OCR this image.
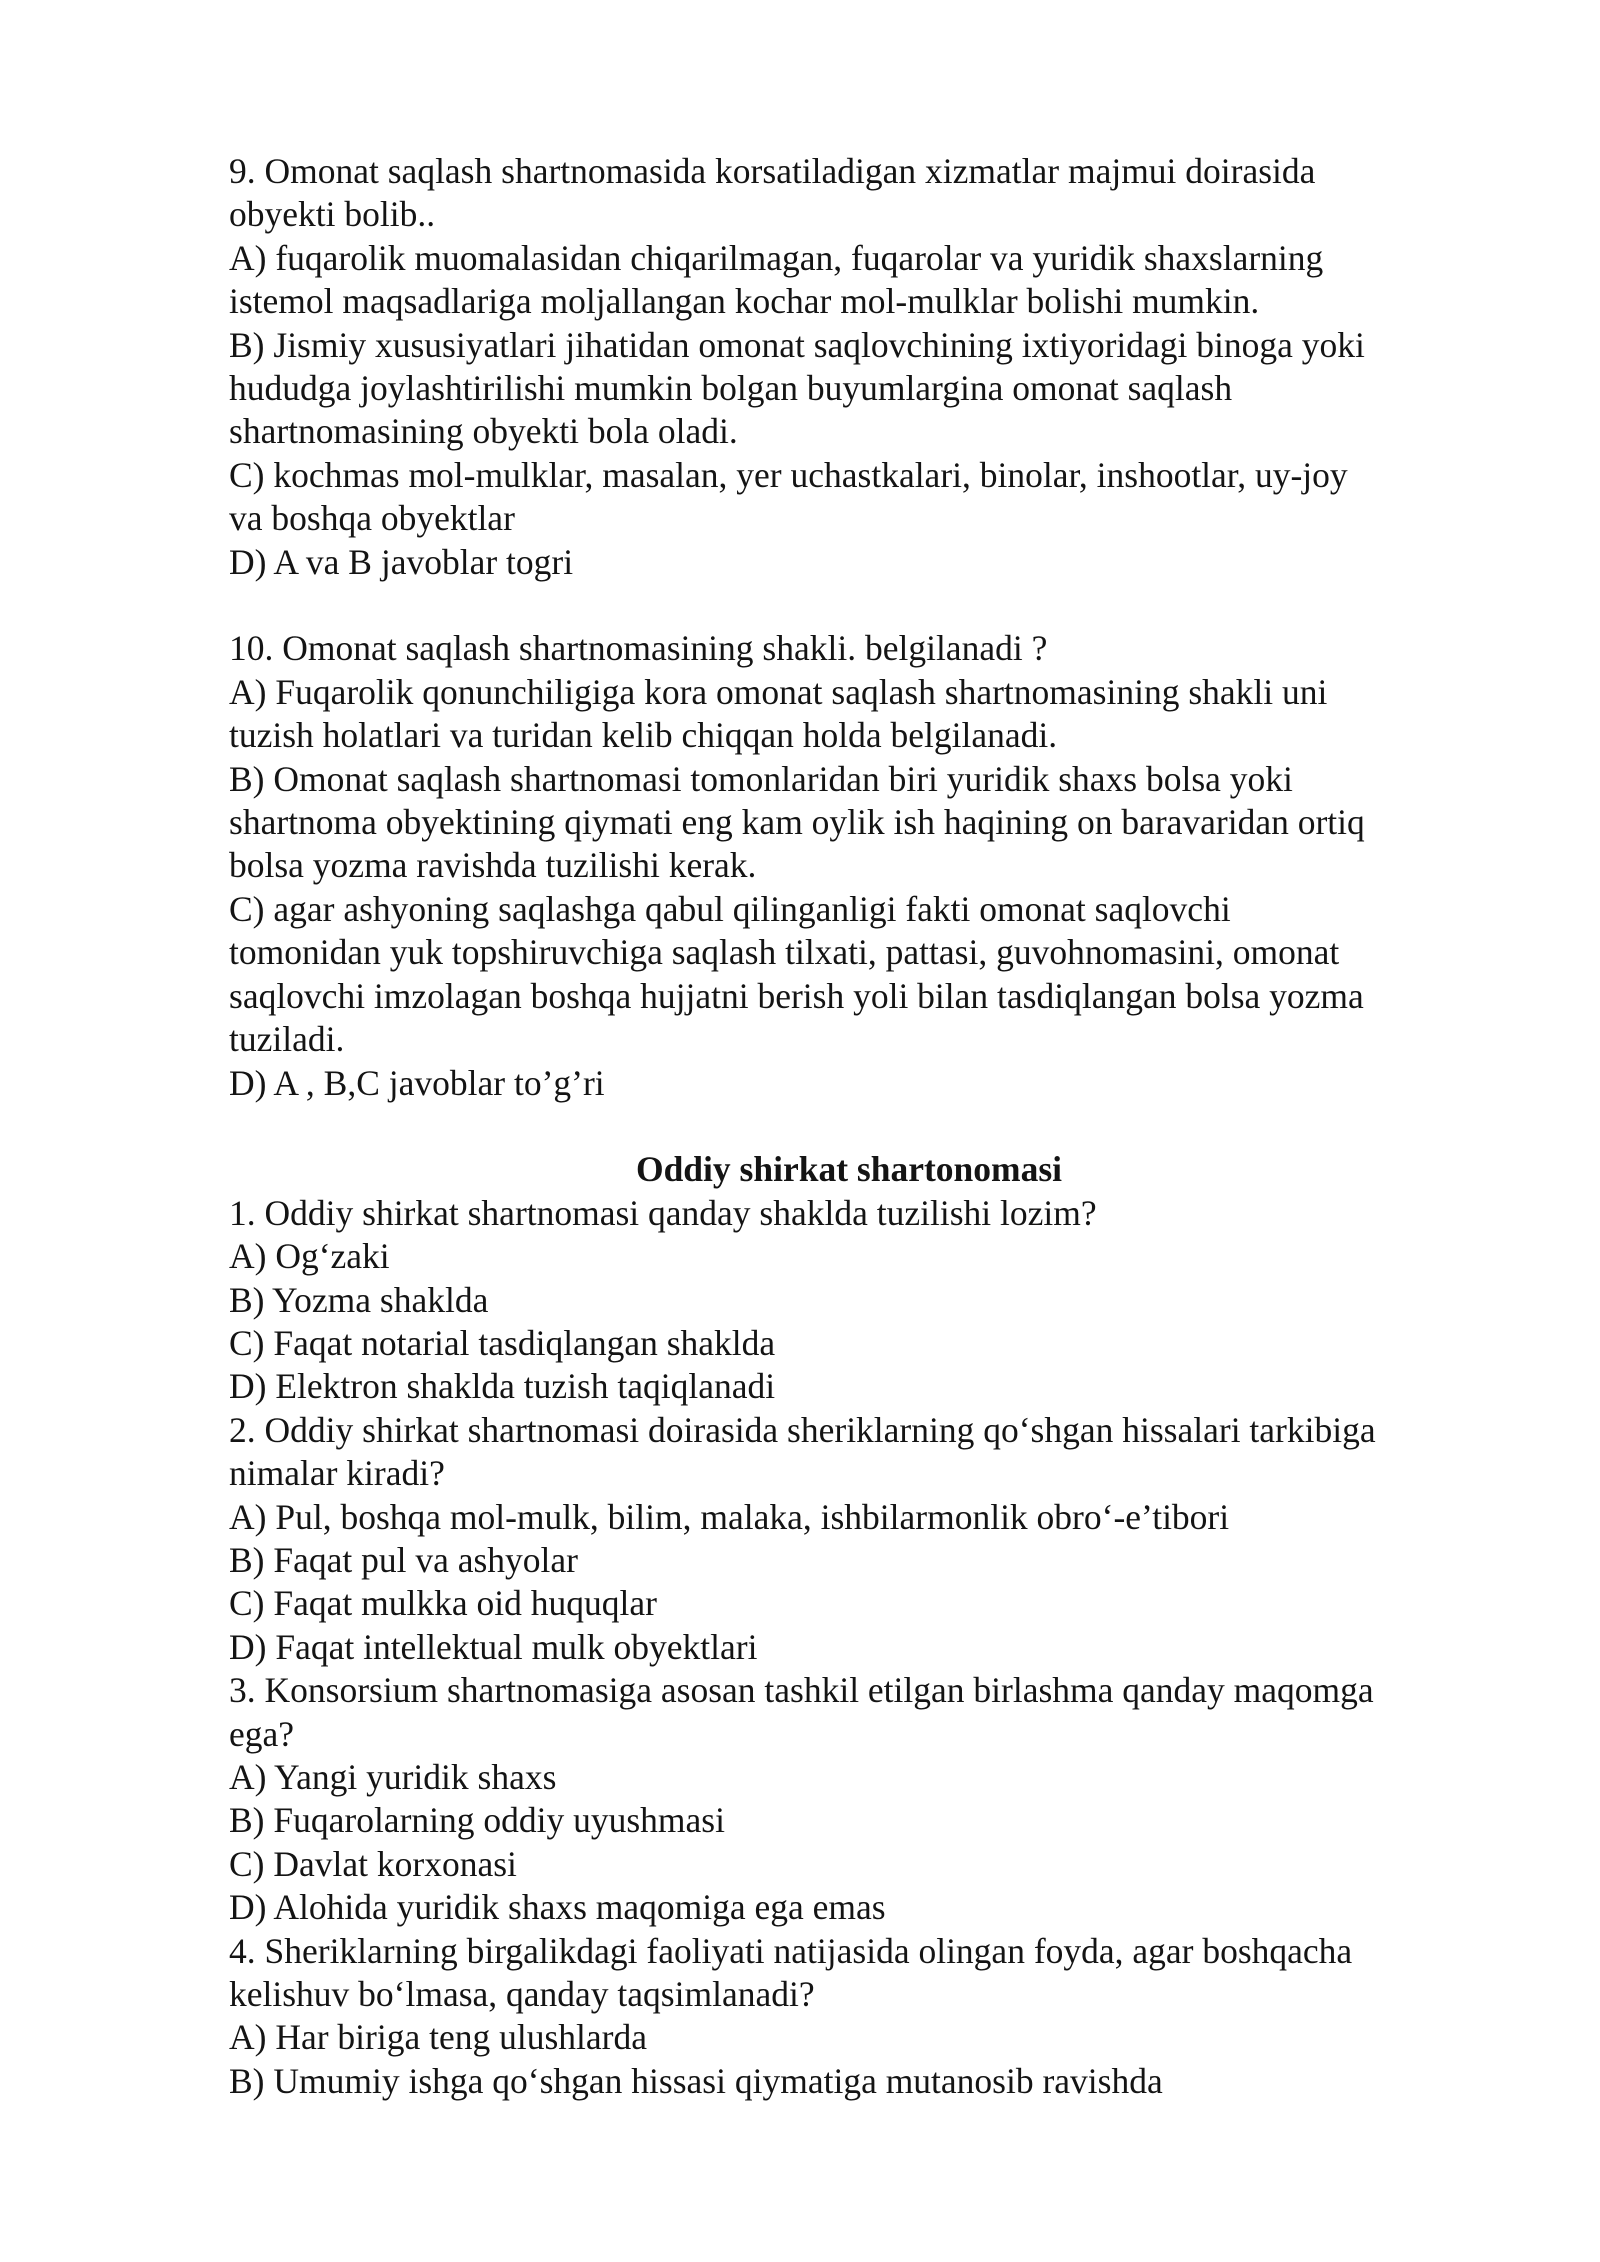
9. Omonat saqlash shartnomasida korsatiladigan xizmatlar majmui doirasida
obyekti bolib..
A) fuqarolik muomalasidan chiqarilmagan, fuqarolar va yuridik shaxslarning
istemol maqsadlariga moljallangan kochar mol-mulklar bolishi mumkin.
B) Jismiy xususiyatlari jihatidan omonat saqlovchining ixtiyoridagi binoga yoki
hududga joylashtirilishi mumkin bolgan buyumlargina omonat saqlash
shartnomasining obyekti bola oladi.
C) kochmas mol-mulklar, masalan, yer uchastkalari, binolar, inshootlar, uy-joy
va boshqa obyektlar
D) A va B javoblar togri
10. Omonat saqlash shartnomasining shakli. belgilanadi ?
A) Fuqarolik qonunchiligiga kora omonat saqlash shartnomasining shakli uni
tuzish holatlari va turidan kelib chiqqan holda belgilanadi.
B) Omonat saqlash shartnomasi tomonlaridan biri yuridik shaxs bolsa yoki
shartnoma obyektining qiymati eng kam oylik ish haqining on baravaridan ortiq
bolsa yozma ravishda tuzilishi kerak.
C) agar ashyoning saqlashga qabul qilinganligi fakti omonat saqlovchi
tomonidan yuk topshiruvchiga saqlash tilxati, pattasi, guvohnomasini, omonat
saqlovchi imzolagan boshqa hujjatni berish yoli bilan tasdiqlangan bolsa yozma
tuziladi.
D) A , B,C javoblar to’g’ri
Oddiy shirkat shartonomasi
1. Oddiy shirkat shartnomasi qanday shaklda tuzilishi lozim?
A) Og‘zaki
B) Yozma shaklda
C) Faqat notarial tasdiqlangan shaklda
D) Elektron shaklda tuzish taqiqlanadi
2. Oddiy shirkat shartnomasi doirasida sheriklarning qo‘shgan hissalari tarkibiga
nimalar kiradi?
A) Pul, boshqa mol-mulk, bilim, malaka, ishbilarmonlik obro‘-e’tibori
B) Faqat pul va ashyolar
C) Faqat mulkka oid huquqlar
D) Faqat intellektual mulk obyektlari
3. Konsorsium shartnomasiga asosan tashkil etilgan birlashma qanday maqomga
ega?
A) Yangi yuridik shaxs
B) Fuqarolarning oddiy uyushmasi
C) Davlat korxonasi
D) Alohida yuridik shaxs maqomiga ega emas
4. Sheriklarning birgalikdagi faoliyati natijasida olingan foyda, agar boshqacha
kelishuv bo‘lmasa, qanday taqsimlanadi?
A) Har biriga teng ulushlarda
B) Umumiy ishga qo‘shgan hissasi qiymatiga mutanosib ravishda
